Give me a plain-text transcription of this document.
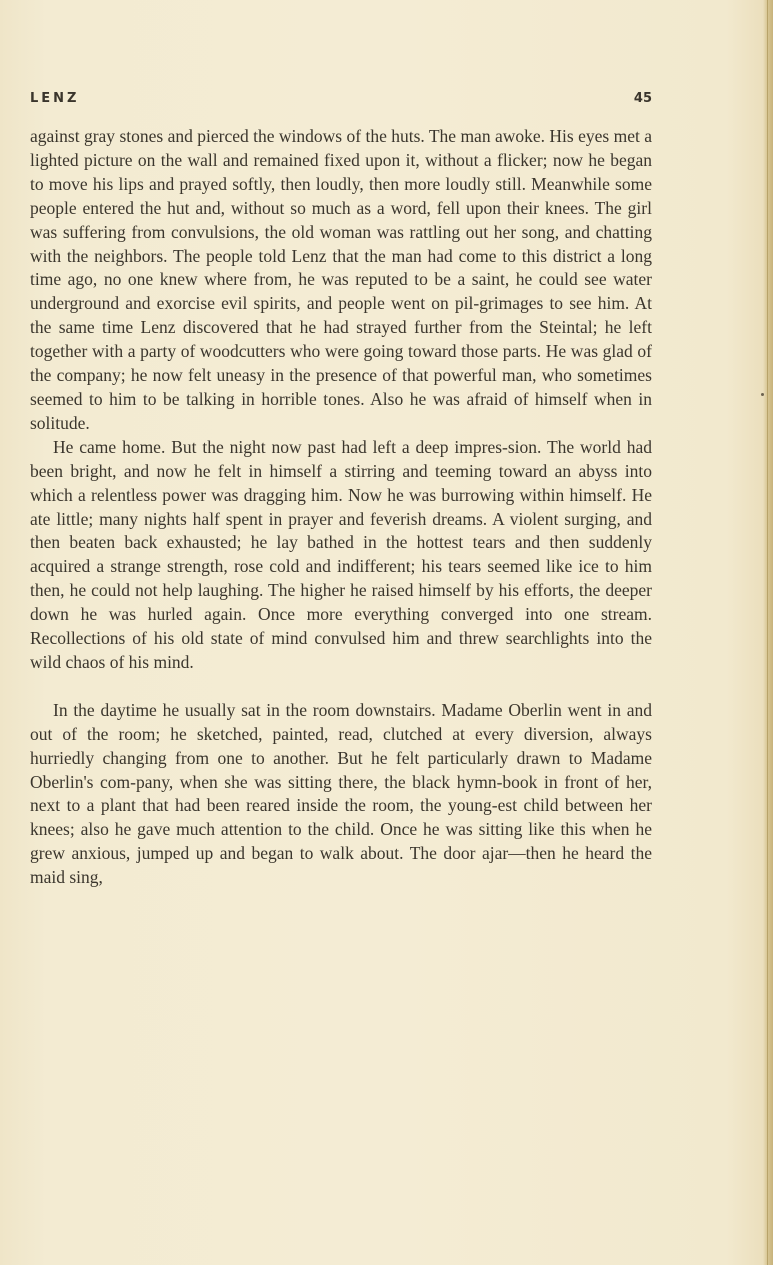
LENZ	45

against gray stones and pierced the windows of the huts. The man awoke. His eyes met a lighted picture on the wall and remained fixed upon it, without a flicker; now he began to move his lips and prayed softly, then loudly, then more loudly still. Meanwhile some people entered the hut and, without so much as a word, fell upon their knees. The girl was suffering from convulsions, the old woman was rattling out her song, and chatting with the neighbors. The people told Lenz that the man had come to this district a long time ago, no one knew where from, he was reputed to be a saint, he could see water underground and exorcise evil spirits, and people went on pil-grimages to see him. At the same time Lenz discovered that he had strayed further from the Steintal; he left together with a party of woodcutters who were going toward those parts. He was glad of the company; he now felt uneasy in the presence of that powerful man, who sometimes seemed to him to be talking in horrible tones. Also he was afraid of himself when in solitude.

He came home. But the night now past had left a deep impres-sion. The world had been bright, and now he felt in himself a stirring and teeming toward an abyss into which a relentless power was dragging him. Now he was burrowing within himself. He ate little; many nights half spent in prayer and feverish dreams. A violent surging, and then beaten back exhausted; he lay bathed in the hottest tears and then suddenly acquired a strange strength, rose cold and indifferent; his tears seemed like ice to him then, he could not help laughing. The higher he raised himself by his efforts, the deeper down he was hurled again. Once more everything converged into one stream. Recollections of his old state of mind convulsed him and threw searchlights into the wild chaos of his mind.

In the daytime he usually sat in the room downstairs. Madame Oberlin went in and out of the room; he sketched, painted, read, clutched at every diversion, always hurriedly changing from one to another. But he felt particularly drawn to Madame Oberlin's com-pany, when she was sitting there, the black hymn-book in front of her, next to a plant that had been reared inside the room, the young-est child between her knees; also he gave much attention to the child. Once he was sitting like this when he grew anxious, jumped up and began to walk about. The door ajar—then he heard the maid sing,
